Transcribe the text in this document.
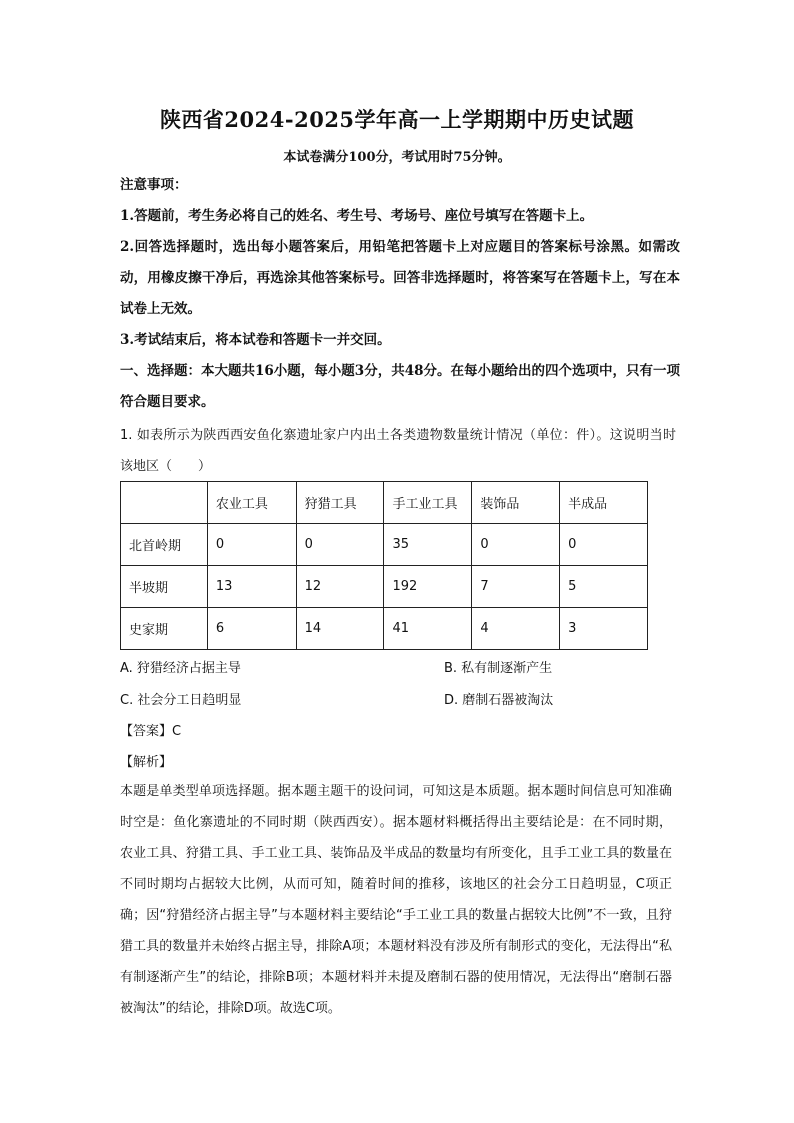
陕西省2024-2025学年高一上学期期中历史试题
本试卷满分100分，考试用时75分钟。

注意事项：

1.答题前，考生务必将自己的姓名、考生号、考场号、座位号填写在答题卡上。

2.回答选择题时，选出每小题答案后，用铅笔把答题卡上对应题目的答案标号涂黑。如需改动，用橡皮擦干净后，再选涂其他答案标号。回答非选择题时，将答案写在答题卡上，写在本试卷上无效。

3.考试结束后，将本试卷和答题卡一并交回。

一、选择题：本大题共16小题，每小题3分，共48分。在每小题给出的四个选项中，只有一项符合题目要求。

1. 如表所示为陕西西安鱼化寨遗址家户内出土各类遗物数量统计情况（单位：件）。这说明当时该地区（　　）

	农业工具	狩猎工具	手工业工具	装饰品	半成品
北首岭期	0	0	35	0	0
半坡期	13	12	192	7	5
史家期	6	14	41	4	3
A. 狩猎经济占据主导	B. 私有制逐渐产生
C. 社会分工日趋明显	D. 磨制石器被淘汰
【答案】C
【解析】

本题是单类型单项选择题。据本题主题干的设问词，可知这是本质题。据本题时间信息可知准确时空是：鱼化寨遗址的不同时期（陕西西安）。据本题材料概括得出主要结论是：在不同时期，农业工具、狩猎工具、手工业工具、装饰品及半成品的数量均有所变化，且手工业工具的数量在不同时期均占据较大比例，从而可知，随着时间的推移，该地区的社会分工日趋明显，C项正确；因“狩猎经济占据主导”与本题材料主要结论“手工业工具的数量占据较大比例”不一致，且狩猎工具的数量并未始终占据主导，排除A项；本题材料没有涉及所有制形式的变化，无法得出“私有制逐渐产生”的结论，排除B项；本题材料并未提及磨制石器的使用情况，无法得出“磨制石器被淘汰”的结论，排除D项。故选C项。
